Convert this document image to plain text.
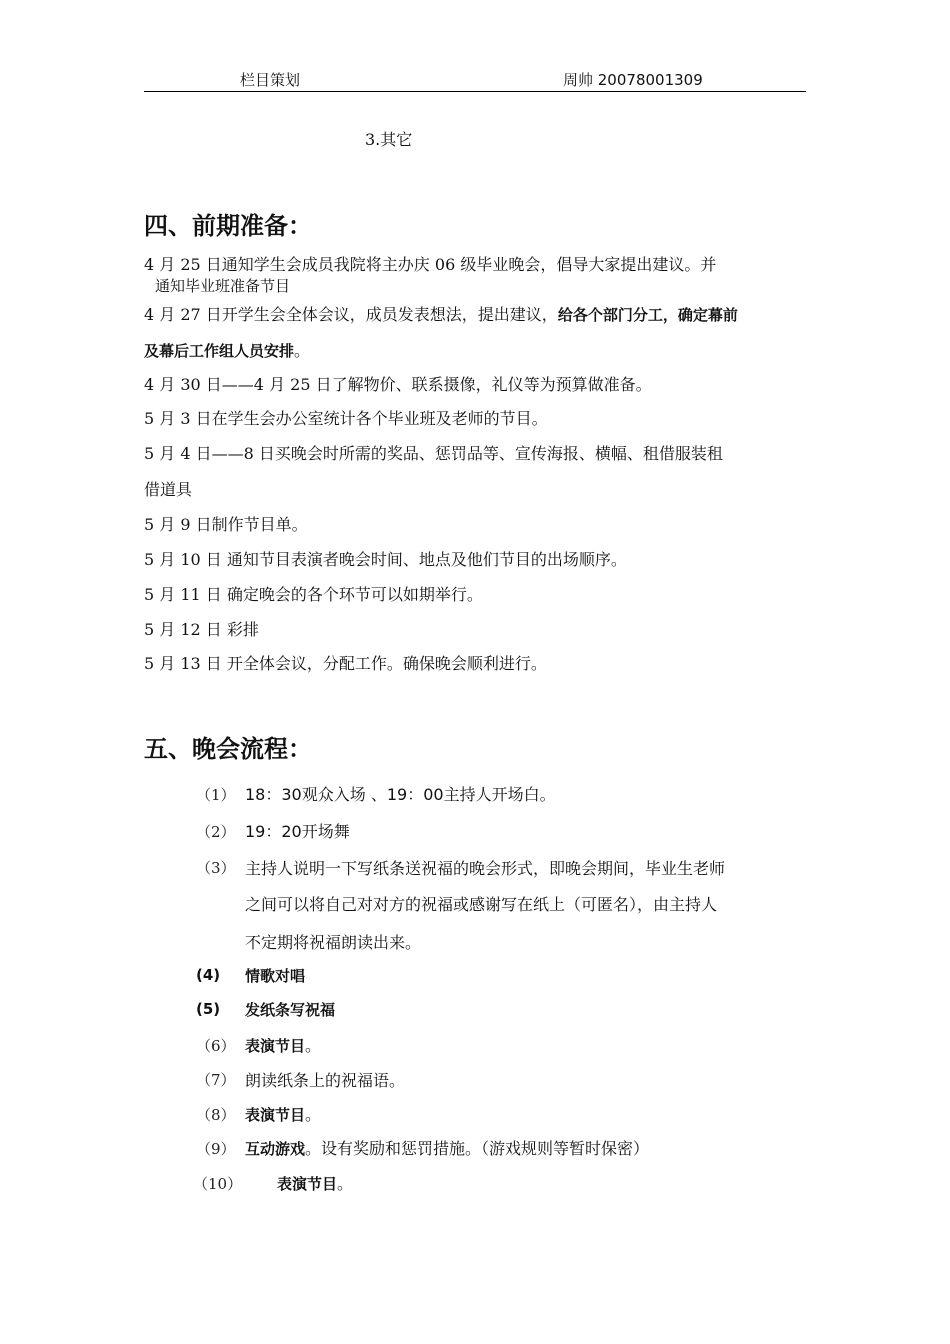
栏目策划	周帅 20078001309
3.其它
四、前期准备：
4 月 25 日通知学生会成员我院将主办庆 06 级毕业晚会，倡导大家提出建议。并
通知毕业班准备节目
4 月 27 日开学生会全体会议，成员发表想法，提出建议，给各个部门分工，确定幕前
及幕后工作组人员安排。
4 月 30 日——4 月 25 日了解物价、联系摄像，礼仪等为预算做准备。
5 月 3 日在学生会办公室统计各个毕业班及老师的节目。
5 月 4 日——8 日买晚会时所需的奖品、惩罚品等、宣传海报、横幅、租借服装租
借道具
5 月 9 日制作节目单。
5 月 10 日 通知节目表演者晚会时间、地点及他们节目的出场顺序。
5 月 11 日 确定晚会的各个环节可以如期举行。
5 月 12 日 彩排
5 月 13 日 开全体会议，分配工作。确保晚会顺利进行。
五、晚会流程：
（1） 18：30观众入场 、19：00主持人开场白。
（2） 19：20开场舞
（3） 主持人说明一下写纸条送祝福的晚会形式，即晚会期间，毕业生老师
之间可以将自己对对方的祝福或感谢写在纸上（可匿名），由主持人
不定期将祝福朗读出来。
(4) 情歌对唱
(5) 发纸条写祝福
（6） 表演节目。
（7） 朗读纸条上的祝福语。
（8） 表演节目。
（9） 互动游戏。设有奖励和惩罚措施。（游戏规则等暂时保密）
（10） 表演节目。
